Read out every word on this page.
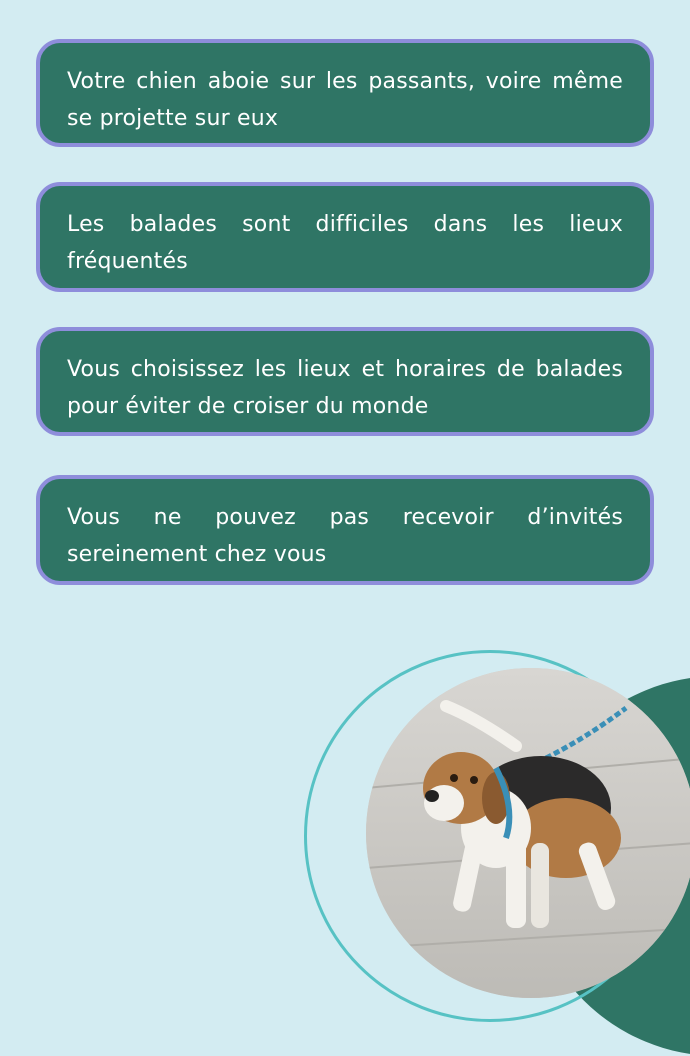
Votre chien aboie sur les passants, voire même se projette sur eux
Les balades sont difficiles dans les lieux fréquentés
Vous choisissez les lieux et horaires de balades pour éviter de croiser du monde
Vous ne pouvez pas recevoir d’invités sereinement chez vous
